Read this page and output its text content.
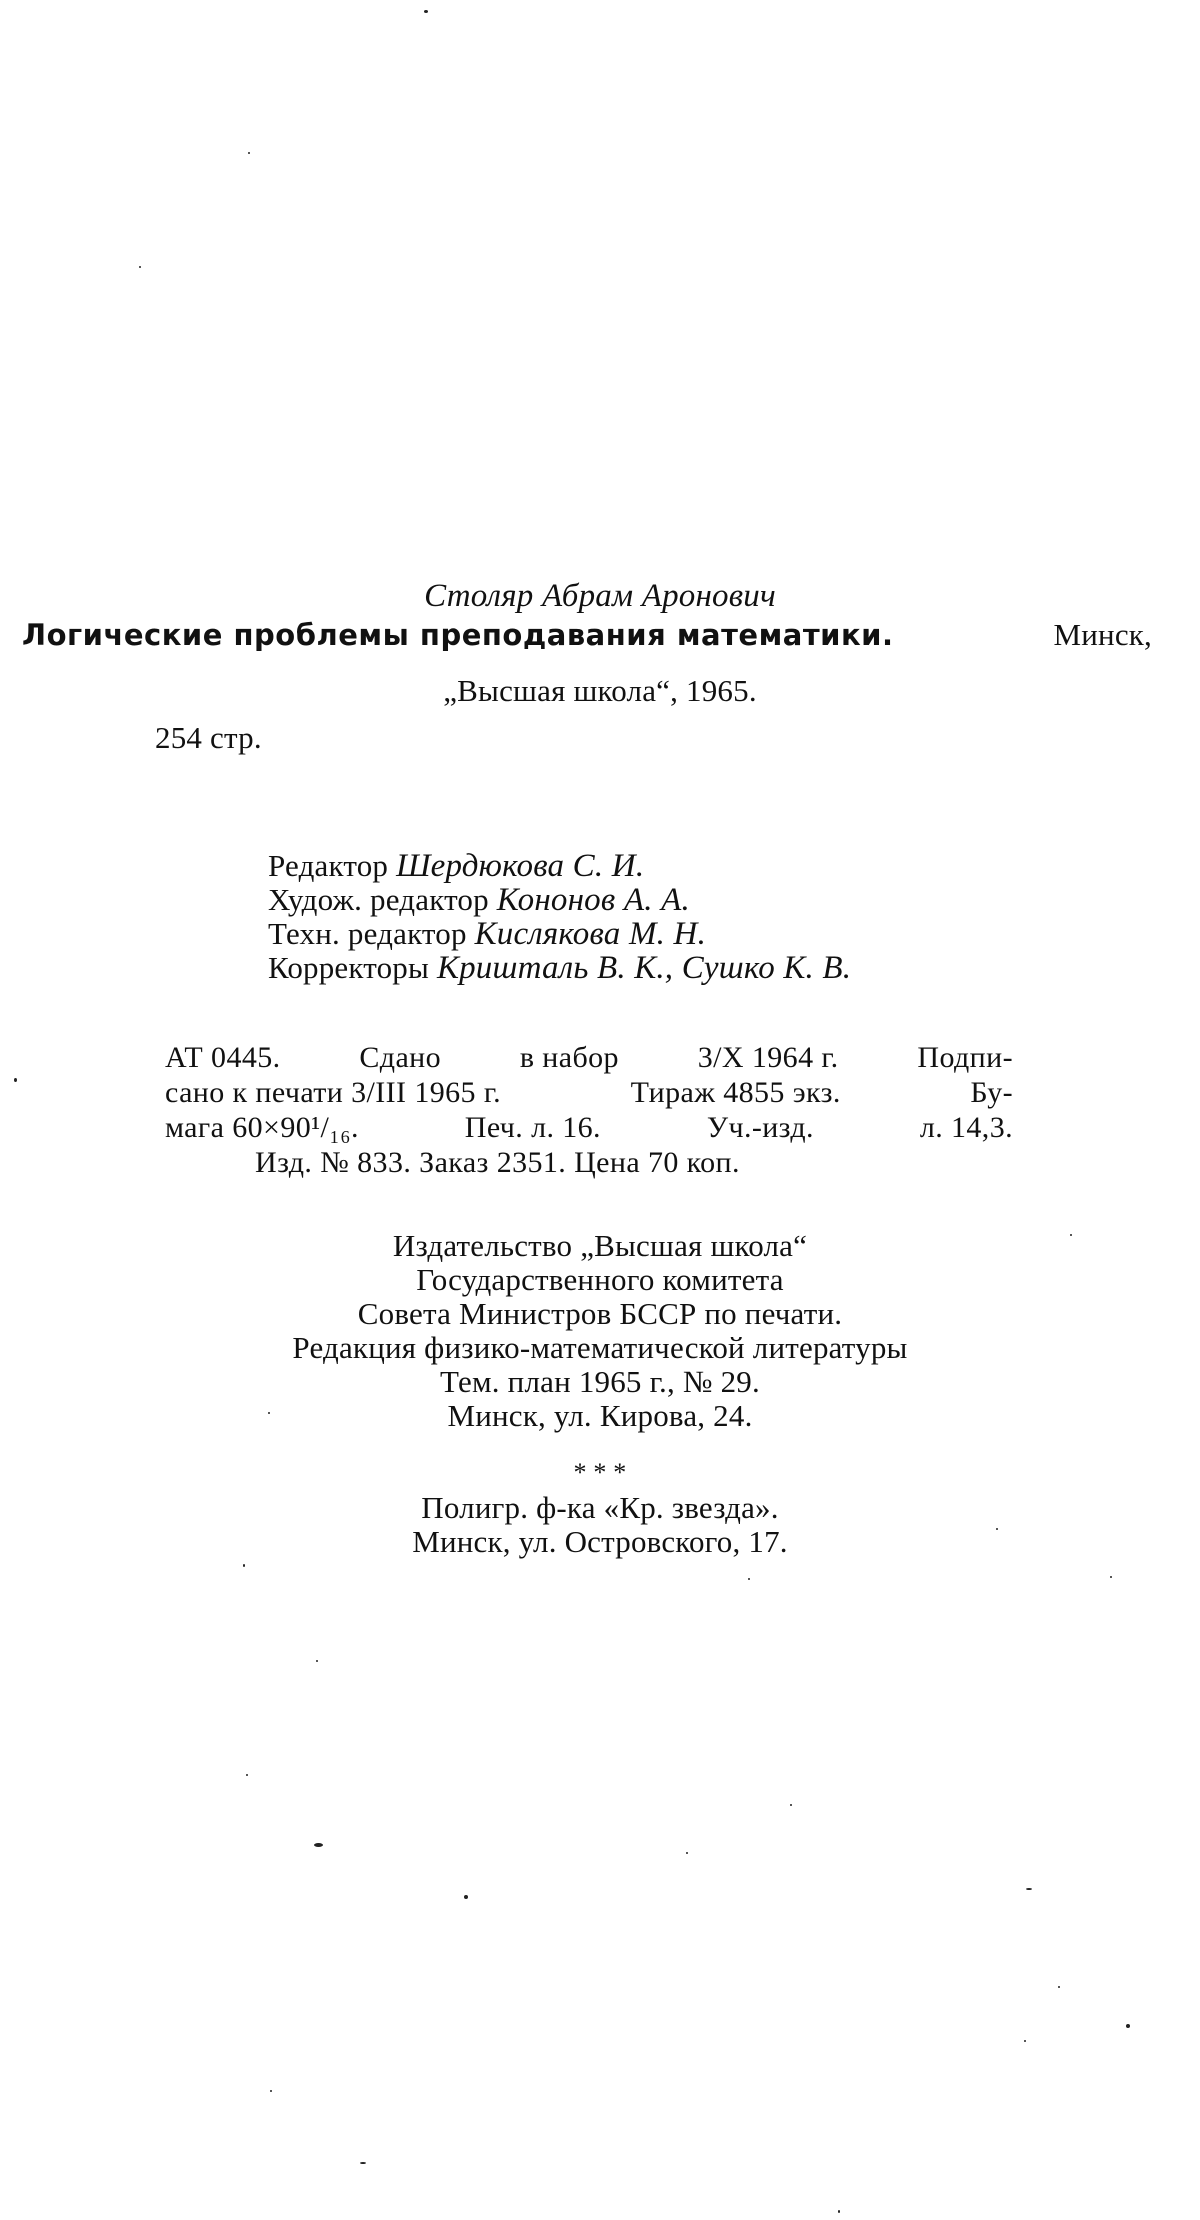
Столяр Абрам Аронович
Логические проблемы преподавания математики.	Минск,
„Высшая школа“, 1965.
254 стр.
Редактор Шердюкова С. И.
Худож. редактор Кононов А. А.
Техн. редактор Кислякова М. Н.
Корректоры Кришталь В. К., Сушко К. В.
АТ 0445.	Сдано	в набор	3/X 1964 г.	Подпи-
сано к печати 3/III 1965 г.	Тираж 4855 экз.	Бу-
мага 60×90¹/₁₆.	Печ. л. 16.	Уч.-изд.	л. 14,3.
Изд. № 833. Заказ 2351. Цена 70 коп.
Издательство „Высшая школа“
Государственного комитета
Совета Министров БССР по печати.
Редакция физико-математической литературы
Тем. план 1965 г., № 29.
Минск, ул. Кирова, 24.
* * *
Полигр. ф-ка «Кр. звезда».
Минск, ул. Островского, 17.
